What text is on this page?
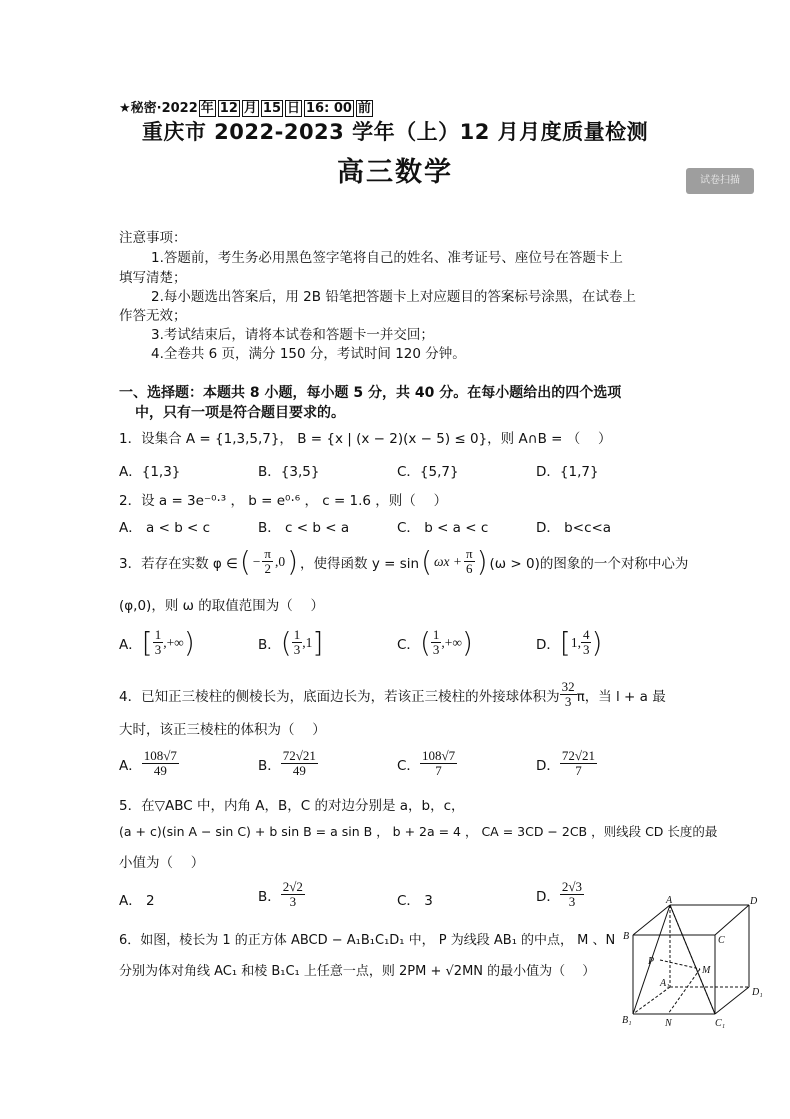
★秘密·2022 年 12 月 15 日 16: 00 前
重庆市 2022-2023 学年（上）12 月月度质量检测
高三数学	试卷扫描
注意事项：
1.答题前，考生务必用黑色签字笔将自己的姓名、准考证号、座位号在答题卡上
填写清楚；
2.每小题选出答案后，用 2B 铅笔把答题卡上对应题目的答案标号涂黑，在试卷上
作答无效；
3.考试结束后，请将本试卷和答题卡一并交回；
4.全卷共 6 页，满分 150 分，考试时间 120 分钟。
一、选择题：本题共 8 小题，每小题 5 分，共 40 分。在每小题给出的四个选项
中，只有一项是符合题目要求的。
1．设集合 A = {1,3,5,7}， B = {x | (x − 2)(x − 5) ≤ 0}，则 A∩B = （　 ）
A．{1,3}	B．{3,5}	C．{5,7}	D．{1,7}
2．设 a = 3e⁻⁰·³ ， b = e⁰·⁶ ， c = 1.6 ，则（　 ）
A． a < b < c	B． c < b < a	C． b < a < c	D． b<c<a
3．若存在实数 φ ∈ ( − $\frac{\pi}{2} ,0$ ) ，使得函数 y = sin ( $\omega x + \frac{\pi}{6}$ ) (ω > 0)的图象的一个对称中心为
(φ,0)，则 ω 的取值范围为（　 ）
A． [ $\frac{1}{3}$ ,+∞ )	B． ( $\frac{1}{3} ,1$ ]	C． ( $\frac{1}{3}$ ,+∞ )	D． [ 1, $\frac{4}{3}$ )
4．已知正三棱柱的侧棱长为，底面边长为，若该正三棱柱的外接球体积为 $\frac{32}{3}$ π，当 l + a 最
大时，该正三棱柱的体积为（　 ）
A． $\frac{108√7}{49}$	B． $\frac{72√21}{49}$	C． $\frac{108√7}{7}$	D． $\frac{72√21}{7}$
5．在▽ABC 中，内角 A，B，C 的对边分别是 a，b，c，
(a + c)(sin A − sin C) + b sin B = a sin B ， b + 2a = 4 ， CA = 3CD − 2CB ，则线段 CD 长度的最
小值为（　 ）
A． 2	B． $\frac{2√2}{3}$	C． 3	D． $\frac{2√3}{3}$
6．如图，棱长为 1 的正方体 ABCD − A₁B₁C₁D₁ 中， P 为线段 AB₁ 的中点， M 、N
分别为体对角线 AC₁ 和棱 B₁C₁ 上任意一点，则 2PM + √2MN 的最小值为（　 ）
A	D
B	C
P
M
A₁
D₁
B₁	N	C₁
